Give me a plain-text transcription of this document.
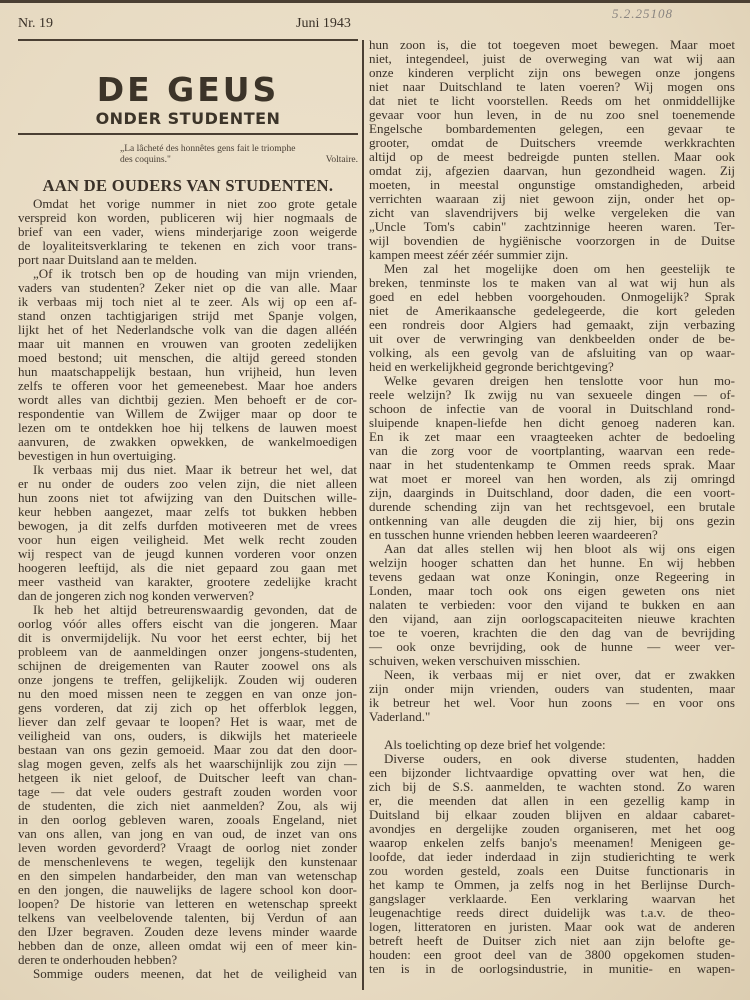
5.2.25108
Nr. 19	Juni 1943
DE GEUS
ONDER STUDENTEN
„La lâcheté des honnêtes gens fait le triomphe
des coquins."	Voltaire.
AAN DE OUDERS VAN STUDENTEN.
Omdat het vorige nummer in niet zoo grote getale
verspreid kon worden, publiceren wij hier nogmaals de
brief van een vader, wiens minderjarige zoon weigerde
de loyaliteitsverklaring te tekenen en zich voor trans-
port naar Duitsland aan te melden.
„Of ik trotsch ben op de houding van mijn vrienden,
vaders van studenten? Zeker niet op die van alle. Maar
ik verbaas mij toch niet al te zeer. Als wij op een af-
stand onzen tachtigjarigen strijd met Spanje volgen,
lijkt het of het Nederlandsche volk van die dagen alléén
maar uit mannen en vrouwen van grooten zedelijken
moed bestond; uit menschen, die altijd gereed stonden
hun maatschappelijk bestaan, hun vrijheid, hun leven
zelfs te offeren voor het gemeenebest. Maar hoe anders
wordt alles van dichtbij gezien. Men behoeft er de cor-
respondentie van Willem de Zwijger maar op door te
lezen om te ontdekken hoe hij telkens de lauwen moest
aanvuren, de zwakken opwekken, de wankelmoedigen
bevestigen in hun overtuiging.
Ik verbaas mij dus niet. Maar ik betreur het wel, dat
er nu onder de ouders zoo velen zijn, die niet alleen
hun zoons niet tot afwijzing van den Duitschen wille-
keur hebben aangezet, maar zelfs tot bukken hebben
bewogen, ja dit zelfs durfden motiveeren met de vrees
voor hun eigen veiligheid. Met welk recht zouden
wij respect van de jeugd kunnen vorderen voor onzen
hoogeren leeftijd, als die niet gepaard zou gaan met
meer vastheid van karakter, grootere zedelijke kracht
dan de jongeren zich nog konden verwerven?
Ik heb het altijd betreurenswaardig gevonden, dat de
oorlog vóór alles offers eischt van die jongeren. Maar
dit is onvermijdelijk. Nu voor het eerst echter, bij het
probleem van de aanmeldingen onzer jongens-studenten,
schijnen de dreigementen van Rauter zoowel ons als
onze jongens te treffen, gelijkelijk. Zouden wij ouderen
nu den moed missen neen te zeggen en van onze jon-
gens vorderen, dat zij zich op het offerblok leggen,
liever dan zelf gevaar te loopen? Het is waar, met de
veiligheid van ons, ouders, is dikwijls het materieele
bestaan van ons gezin gemoeid. Maar zou dat den door-
slag mogen geven, zelfs als het waarschijnlijk zou zijn —
hetgeen ik niet geloof, de Duitscher leeft van chan-
tage — dat vele ouders gestraft zouden worden voor
de studenten, die zich niet aanmelden? Zou, als wij
in den oorlog gebleven waren, zooals Engeland, niet
van ons allen, van jong en van oud, de inzet van ons
leven worden gevorderd? Vraagt de oorlog niet zonder
de menschenlevens te wegen, tegelijk den kunstenaar
en den simpelen handarbeider, den man van wetenschap
en den jongen, die nauwelijks de lagere school kon door-
loopen? De historie van letteren en wetenschap spreekt
telkens van veelbelovende talenten, bij Verdun of aan
den IJzer begraven. Zouden deze levens minder waarde
hebben dan de onze, alleen omdat wij een of meer kin-
deren te onderhouden hebben?
Sommige ouders meenen, dat het de veiligheid van
hun zoon is, die tot toegeven moet bewegen. Maar moet
niet, integendeel, juist de overweging van wat wij aan
onze kinderen verplicht zijn ons bewegen onze jongens
niet naar Duitschland te laten voeren? Wij mogen ons
dat niet te licht voorstellen. Reeds om het onmiddellijke
gevaar voor hun leven, in de nu zoo snel toenemende
Engelsche bombardementen gelegen, een gevaar te
grooter, omdat de Duitschers vreemde werkkrachten
altijd op de meest bedreigde punten stellen. Maar ook
omdat zij, afgezien daarvan, hun gezondheid wagen. Zij
moeten, in meestal ongunstige omstandigheden, arbeid
verrichten waaraan zij niet gewoon zijn, onder het op-
zicht van slavendrijvers bij welke vergeleken die van
„Uncle Tom's cabin" zachtzinnige heeren waren. Ter-
wijl bovendien de hygiënische voorzorgen in de Duitse
kampen meest zéér zéér summier zijn.
Men zal het mogelijke doen om hen geestelijk te
breken, tenminste los te maken van al wat wij hun als
goed en edel hebben voorgehouden. Onmogelijk? Sprak
niet de Amerikaansche gedelegeerde, die kort geleden
een rondreis door Algiers had gemaakt, zijn verbazing
uit over de verwringing van denkbeelden onder de be-
volking, als een gevolg van de afsluiting van op waar-
heid en werkelijkheid gegronde berichtgeving?
Welke gevaren dreigen hen tenslotte voor hun mo-
reele welzijn? Ik zwijg nu van sexueele dingen — of-
schoon de infectie van de vooral in Duitschland rond-
sluipende knapen-liefde hen dicht genoeg naderen kan.
En ik zet maar een vraagteeken achter de bedoeling
van die zorg voor de voortplanting, waarvan een rede-
naar in het studentenkamp te Ommen reeds sprak. Maar
wat moet er moreel van hen worden, als zij omringd
zijn, daarginds in Duitschland, door daden, die een voort-
durende schending zijn van het rechtsgevoel, een brutale
ontkenning van alle deugden die zij hier, bij ons gezin
en tusschen hunne vrienden hebben leeren waardeeren?
Aan dat alles stellen wij hen bloot als wij ons eigen
welzijn hooger schatten dan het hunne. En wij hebben
tevens gedaan wat onze Koningin, onze Regeering in
Londen, maar toch ook ons eigen geweten ons niet
nalaten te verbieden: voor den vijand te bukken en aan
den vijand, aan zijn oorlogscapaciteiten nieuwe krachten
toe te voeren, krachten die den dag van de bevrijding
— ook onze bevrijding, ook de hunne — weer ver-
schuiven, weken verschuiven misschien.
Neen, ik verbaas mij er niet over, dat er zwakken
zijn onder mijn vrienden, ouders van studenten, maar
ik betreur het wel. Voor hun zoons — en voor ons
Vaderland."
Als toelichting op deze brief het volgende:
Diverse ouders, en ook diverse studenten, hadden
een bijzonder lichtvaardige opvatting over wat hen, die
zich bij de S.S. aanmelden, te wachten stond. Zo waren
er, die meenden dat allen in een gezellig kamp in
Duitsland bij elkaar zouden blijven en aldaar cabaret-
avondjes en dergelijke zouden organiseren, met het oog
waarop enkelen zelfs banjo's meenamen! Menigeen ge-
loofde, dat ieder inderdaad in zijn studierichting te werk
zou worden gesteld, zoals een Duitse functionaris in
het kamp te Ommen, ja zelfs nog in het Berlijnse Durch-
gangslager verklaarde. Een verklaring waarvan het
leugenachtige reeds direct duidelijk was t.a.v. de theo-
logen, litteratoren en juristen. Maar ook wat de anderen
betreft heeft de Duitser zich niet aan zijn belofte ge-
houden: een groot deel van de 3800 opgekomen studen-
ten is in de oorlogsindustrie, in munitie- en wapen-
